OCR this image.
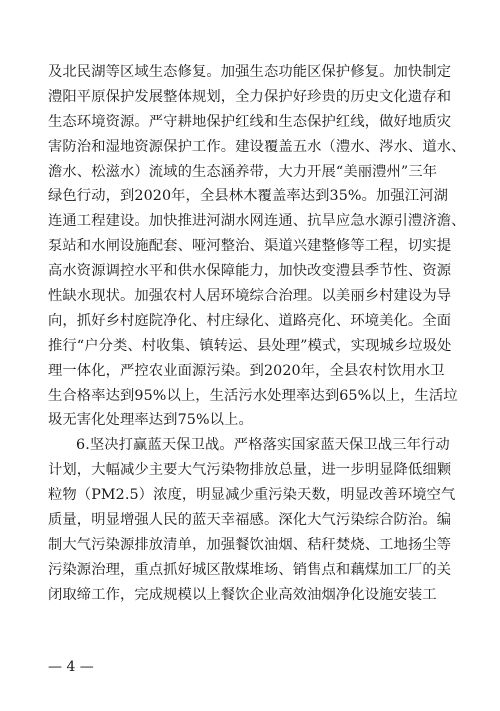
及北民湖等区域生态修复。加强生态功能区保护修复。加快制定
澧阳平原保护发展整体规划，全力保护好珍贵的历史文化遗存和
生态环境资源。严守耕地保护红线和生态保护红线，做好地质灾
害防治和湿地资源保护工作。建设覆盖五水（澧水、涔水、道水、
澹水、松滋水）流域的生态涵养带，大力开展“美丽澧州”三年
绿色行动，到2020年，全县林木覆盖率达到35%。加强江河湖
连通工程建设。加快推进河湖水网连通、抗旱应急水源引澧济澹、
泵站和水闸设施配套、哑河整治、渠道兴建整修等工程，切实提
高水资源调控水平和供水保障能力，加快改变澧县季节性、资源
性缺水现状。加强农村人居环境综合治理。以美丽乡村建设为导
向，抓好乡村庭院净化、村庄绿化、道路亮化、环境美化。全面
推行“户分类、村收集、镇转运、县处理”模式，实现城乡垃圾处
理一体化，严控农业面源污染。到2020年，全县农村饮用水卫
生合格率达到95%以上，生活污水处理率达到65%以上，生活垃
圾无害化处理率达到75%以上。
6.坚决打赢蓝天保卫战。严格落实国家蓝天保卫战三年行动
计划，大幅减少主要大气污染物排放总量，进一步明显降低细颗
粒物（PM2.5）浓度，明显减少重污染天数，明显改善环境空气
质量，明显增强人民的蓝天幸福感。深化大气污染综合防治。编
制大气污染源排放清单，加强餐饮油烟、秸秆焚烧、工地扬尘等
污染源治理，重点抓好城区散煤堆场、销售点和藕煤加工厂的关
闭取缔工作，完成规模以上餐饮企业高效油烟净化设施安装工
— 4 —
